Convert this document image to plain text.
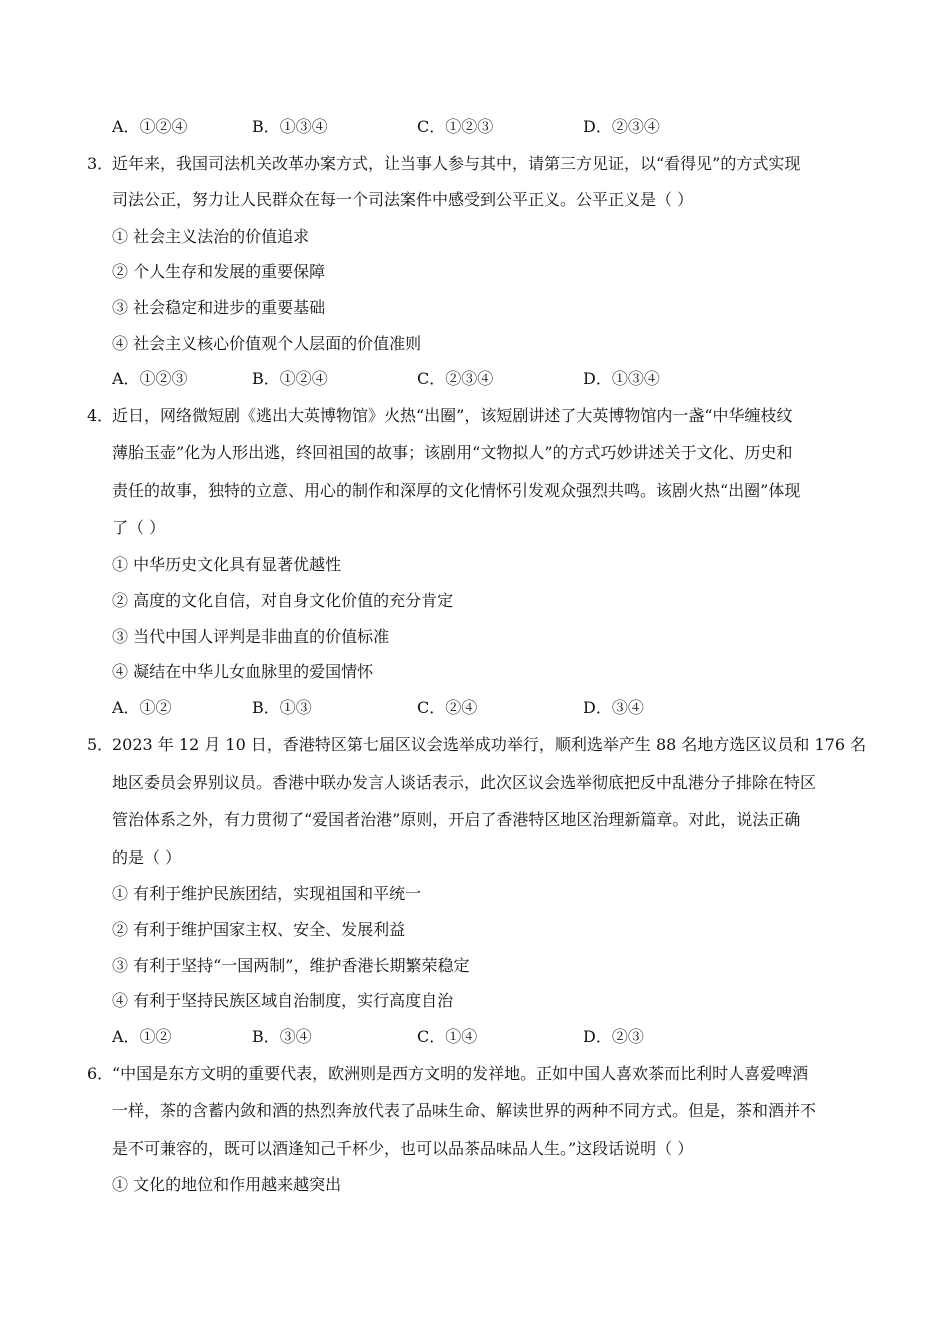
A．①②④	B．①③④	C．①②③	D．②③④
3．
近年来，我国司法机关改革办案方式，让当事人参与其中，请第三方见证，以“看得见”的方式实现
司法公正，努力让人民群众在每一个司法案件中感受到公平正义。公平正义是（ ）
① 社会主义法治的价值追求
② 个人生存和发展的重要保障
③ 社会稳定和进步的重要基础
④ 社会主义核心价值观个人层面的价值准则
A．①②③	B．①②④	C．②③④	D．①③④
4．
近日，网络微短剧《逃出大英博物馆》火热“出圈”，该短剧讲述了大英博物馆内一盏“中华缠枝纹
薄胎玉壶”化为人形出逃，终回祖国的故事；该剧用“文物拟人”的方式巧妙讲述关于文化、历史和
责任的故事，独特的立意、用心的制作和深厚的文化情怀引发观众强烈共鸣。该剧火热“出圈”体现
了（ ）
① 中华历史文化具有显著优越性
② 高度的文化自信，对自身文化价值的充分肯定
③ 当代中国人评判是非曲直的价值标准
④ 凝结在中华儿女血脉里的爱国情怀
A．①②	B．①③	C．②④	D．③④
5．
2023 年 12 月 10 日，香港特区第七届区议会选举成功举行，顺利选举产生 88 名地方选区议员和 176 名
地区委员会界别议员。香港中联办发言人谈话表示，此次区议会选举彻底把反中乱港分子排除在特区
管治体系之外，有力贯彻了“爱国者治港”原则，开启了香港特区地区治理新篇章。对此，说法正确
的是（ ）
① 有利于维护民族团结，实现祖国和平统一
② 有利于维护国家主权、安全、发展利益
③ 有利于坚持“一国两制”，维护香港长期繁荣稳定
④ 有利于坚持民族区域自治制度，实行高度自治
A．①②	B．③④	C．①④	D．②③
6．
“中国是东方文明的重要代表，欧洲则是西方文明的发祥地。正如中国人喜欢茶而比利时人喜爱啤酒
一样，茶的含蓄内敛和酒的热烈奔放代表了品味生命、解读世界的两种不同方式。但是，茶和酒并不
是不可兼容的，既可以酒逢知己千杯少，也可以品茶品味品人生。”这段话说明（ ）
① 文化的地位和作用越来越突出
